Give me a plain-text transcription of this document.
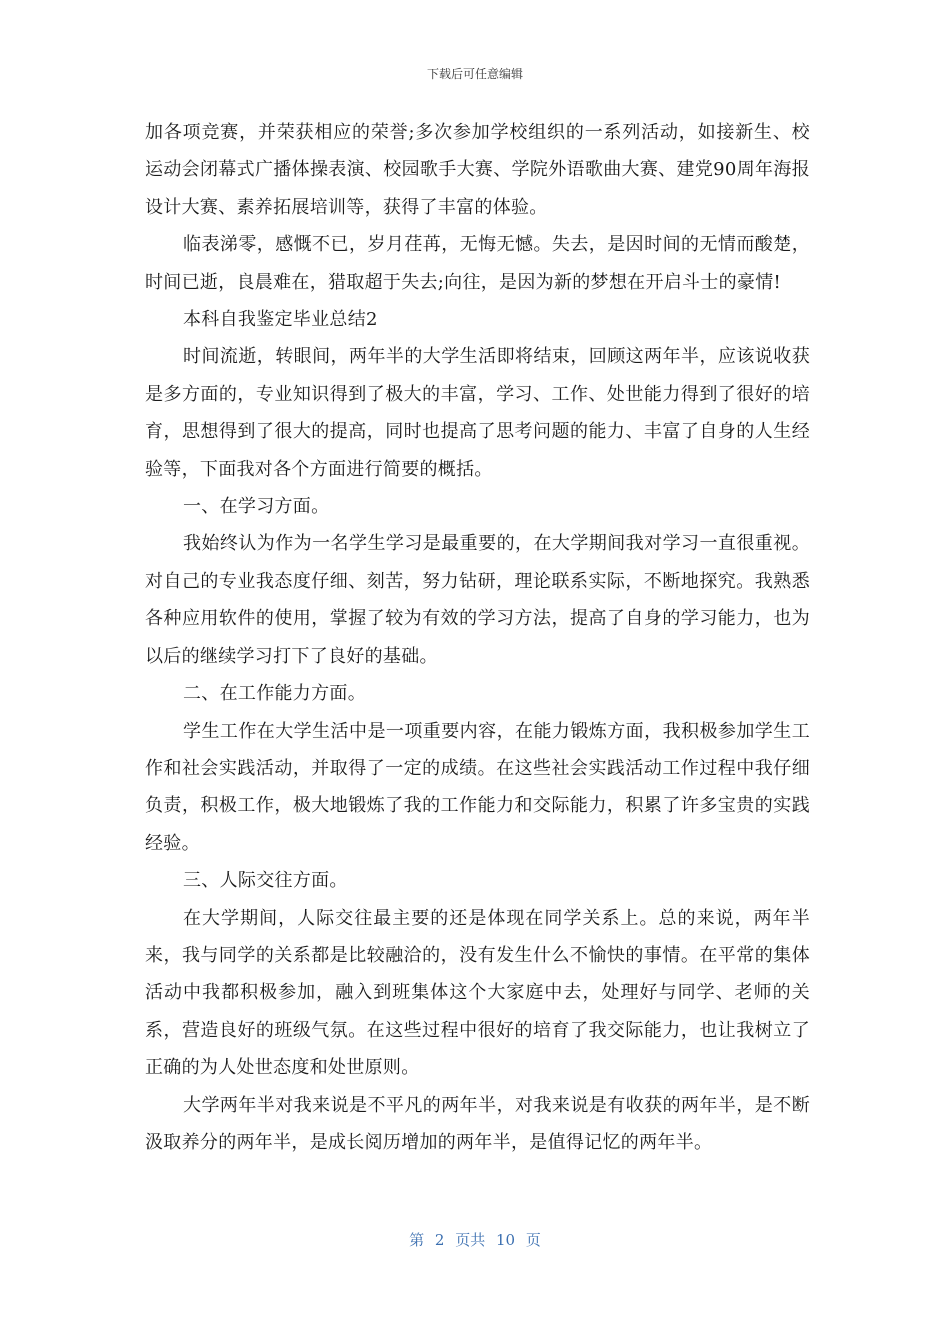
下载后可任意编辑

加各项竞赛，并荣获相应的荣誉;多次参加学校组织的一系列活动，如接新生、校运动会闭幕式广播体操表演、校园歌手大赛、学院外语歌曲大赛、建党90周年海报设计大赛、素养拓展培训等，获得了丰富的体验。

临表涕零，感慨不已，岁月荏苒，无悔无憾。失去，是因时间的无情而酸楚，时间已逝，良晨难在，猎取超于失去;向往，是因为新的梦想在开启斗士的豪情!

本科自我鉴定毕业总结2

时间流逝，转眼间，两年半的大学生活即将结束，回顾这两年半，应该说收获是多方面的，专业知识得到了极大的丰富，学习、工作、处世能力得到了很好的培育，思想得到了很大的提高，同时也提高了思考问题的能力、丰富了自身的人生经验等，下面我对各个方面进行简要的概括。

一、在学习方面。

我始终认为作为一名学生学习是最重要的，在大学期间我对学习一直很重视。对自己的专业我态度仔细、刻苦，努力钻研，理论联系实际，不断地探究。我熟悉各种应用软件的使用，掌握了较为有效的学习方法，提高了自身的学习能力，也为以后的继续学习打下了良好的基础。

二、在工作能力方面。

学生工作在大学生活中是一项重要内容，在能力锻炼方面，我积极参加学生工作和社会实践活动，并取得了一定的成绩。在这些社会实践活动工作过程中我仔细负责，积极工作，极大地锻炼了我的工作能力和交际能力，积累了许多宝贵的实践经验。

三、人际交往方面。

在大学期间，人际交往最主要的还是体现在同学关系上。总的来说，两年半来，我与同学的关系都是比较融洽的，没有发生什么不愉快的事情。在平常的集体活动中我都积极参加，融入到班集体这个大家庭中去，处理好与同学、老师的关系，营造良好的班级气氛。在这些过程中很好的培育了我交际能力，也让我树立了正确的为人处世态度和处世原则。

大学两年半对我来说是不平凡的两年半，对我来说是有收获的两年半，是不断汲取养分的两年半，是成长阅历增加的两年半，是值得记忆的两年半。

第 2 页共 10 页
